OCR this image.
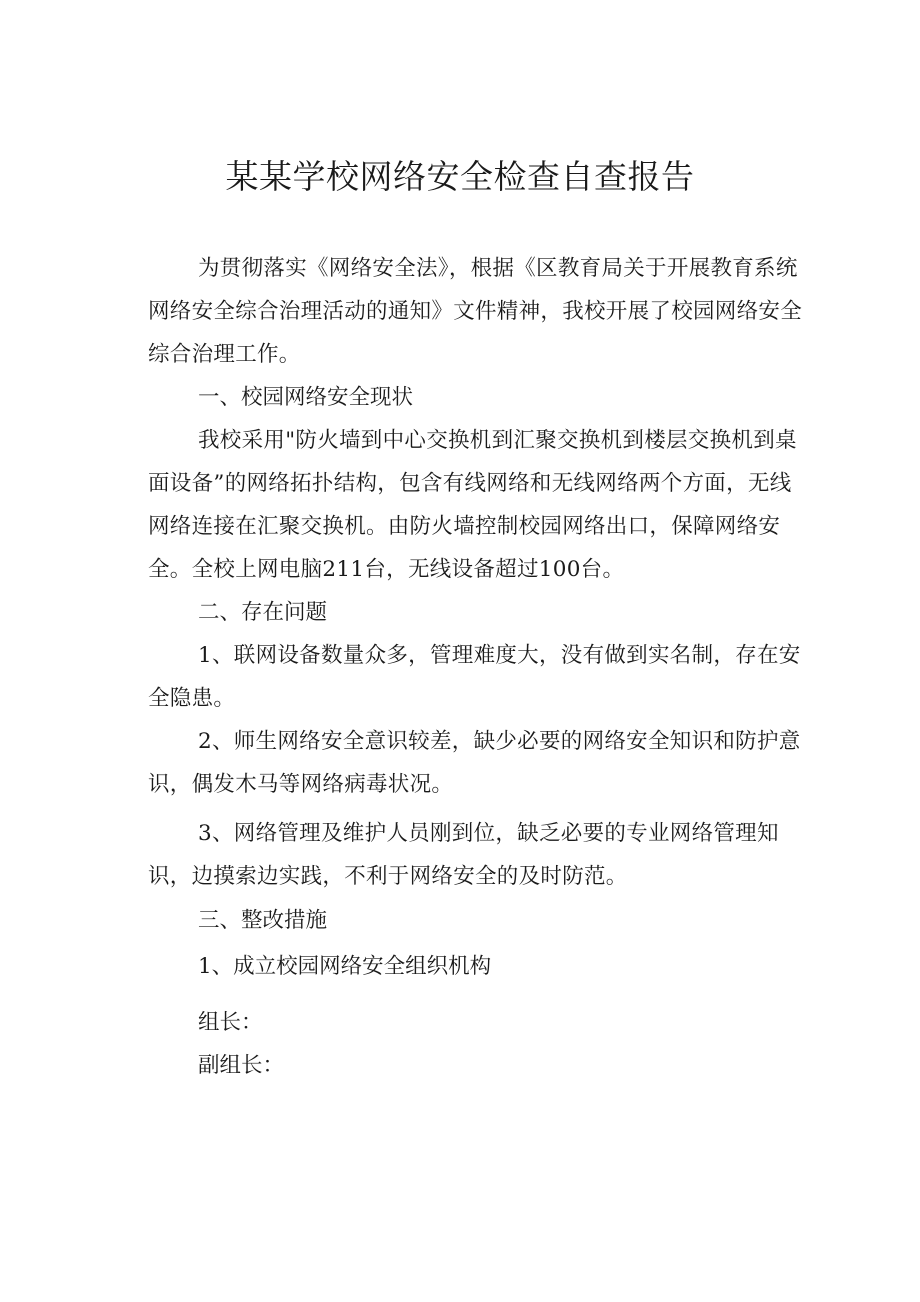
某某学校网络安全检查自查报告
为贯彻落实《网络安全法》，根据《区教育局关于开展教育系统网络安全综合治理活动的通知》文件精神，我校开展了校园网络安全综合治理工作。
一、校园网络安全现状
我校采用"防火墙到中心交换机到汇聚交换机到楼层交换机到桌面设备”的网络拓扑结构，包含有线网络和无线网络两个方面，无线网络连接在汇聚交换机。由防火墙控制校园网络出口，保障网络安全。全校上网电脑211台，无线设备超过100台。
二、存在问题
1、联网设备数量众多，管理难度大，没有做到实名制，存在安全隐患。
2、师生网络安全意识较差，缺少必要的网络安全知识和防护意识，偶发木马等网络病毒状况。
3、网络管理及维护人员刚到位，缺乏必要的专业网络管理知识，边摸索边实践，不利于网络安全的及时防范。
三、整改措施
1、成立校园网络安全组织机构
组长：
副组长：
